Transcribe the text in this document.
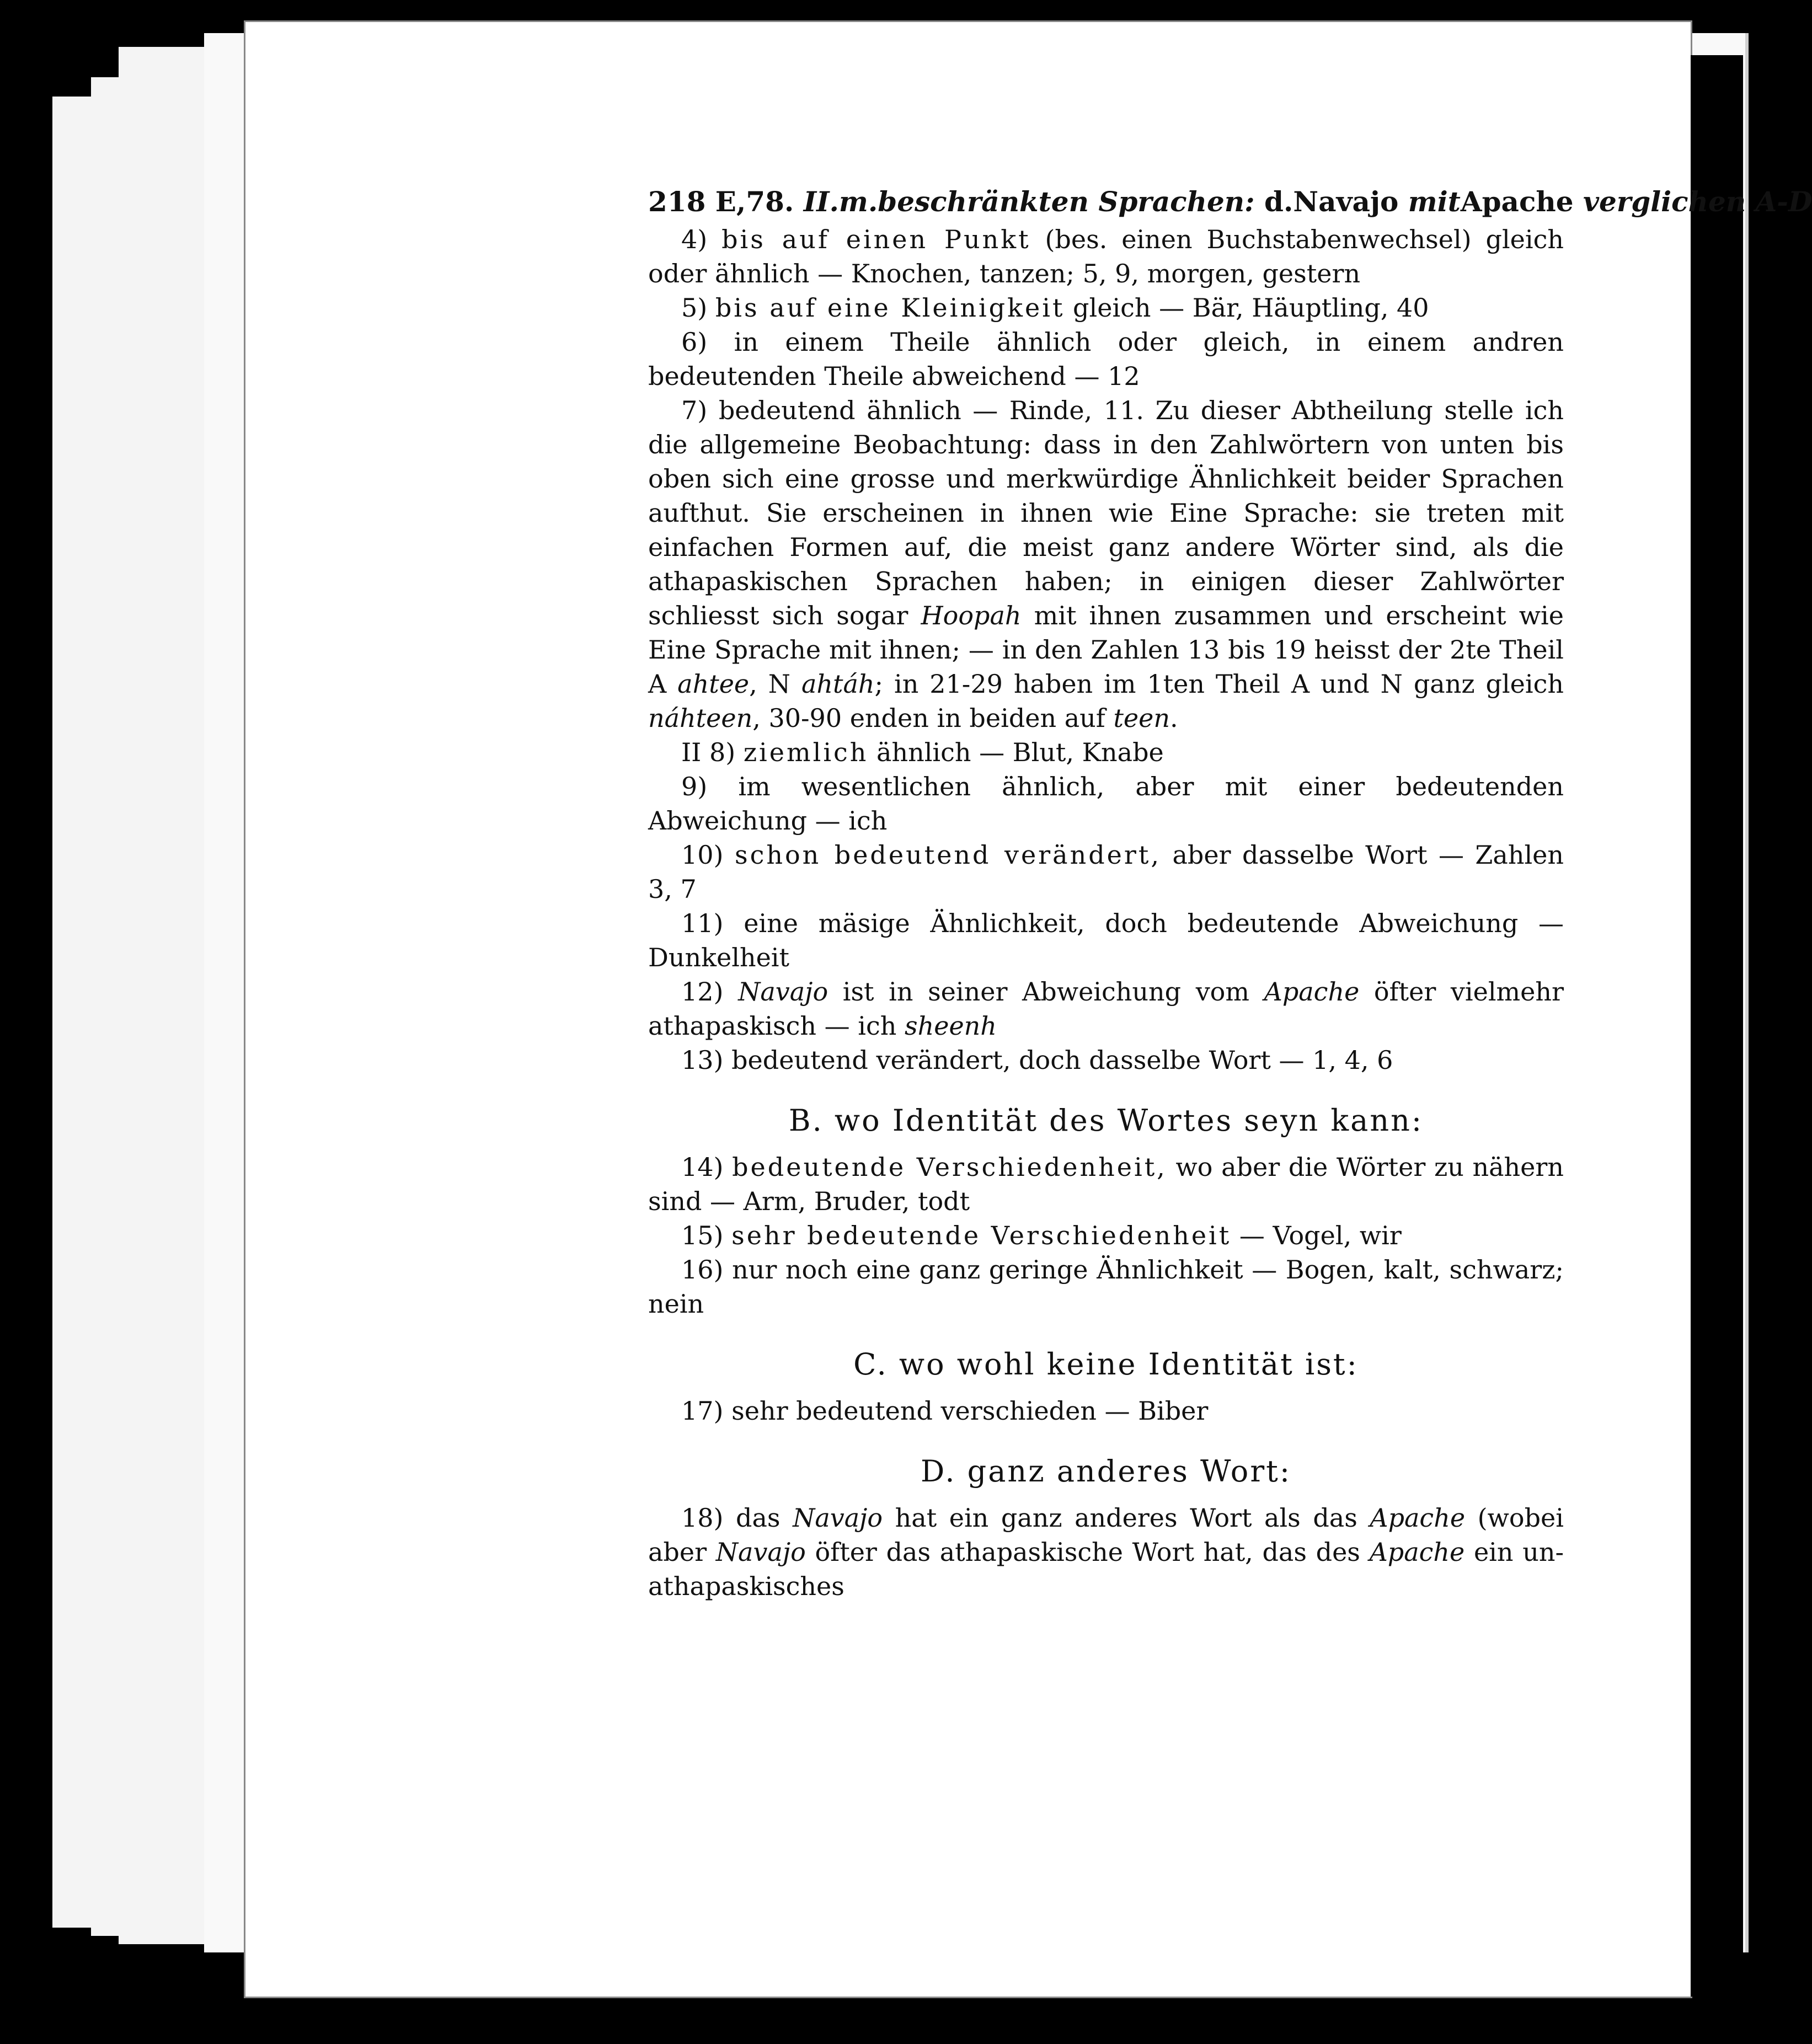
218 E,78. II.m.beschränkten Sprachen: d.Navajo mitApache verglichen A-D

4) bis auf einen Punkt (bes. einen Buchstabenwechsel) gleich oder ähnlich — Knochen, tanzen; 5, 9, morgen, gestern

5) bis auf eine Kleinigkeit gleich — Bär, Häuptling, 40

6) in einem Theile ähnlich oder gleich, in einem andren bedeutenden Theile abweichend — 12

7) bedeutend ähnlich — Rinde, 11. Zu dieser Abtheilung stelle ich die allgemeine Beobachtung: dass in den Zahlwörtern von unten bis oben sich eine grosse und merkwürdige Ähnlichkeit beider Sprachen aufthut. Sie erscheinen in ihnen wie Eine Sprache: sie treten mit einfachen Formen auf, die meist ganz andere Wörter sind, als die athapaskischen Sprachen haben; in einigen dieser Zahlwörter schliesst sich sogar Hoopah mit ihnen zusammen und erscheint wie Eine Sprache mit ihnen; — in den Zahlen 13 bis 19 heisst der 2te Theil A ahtee, N ahtáh; in 21-29 haben im 1ten Theil A und N ganz gleich náhteen, 30-90 enden in beiden auf teen.

II 8) ziemlich ähnlich — Blut, Knabe

9) im wesentlichen ähnlich, aber mit einer bedeutenden Abweichung — ich

10) schon bedeutend verändert, aber dasselbe Wort — Zahlen 3, 7

11) eine mäsige Ähnlichkeit, doch bedeutende Abweichung — Dunkelheit

12) Navajo ist in seiner Abweichung vom Apache öfter vielmehr athapaskisch — ich sheenh

13) bedeutend verändert, doch dasselbe Wort — 1, 4, 6

B. wo Identität des Wortes seyn kann:

14) bedeutende Verschiedenheit, wo aber die Wörter zu nähern sind — Arm, Bruder, todt

15) sehr bedeutende Verschiedenheit — Vogel, wir

16) nur noch eine ganz geringe Ähnlichkeit — Bogen, kalt, schwarz; nein

C. wo wohl keine Identität ist:

17) sehr bedeutend verschieden — Biber

D. ganz anderes Wort:

18) das Navajo hat ein ganz anderes Wort als das Apache (wobei aber Navajo öfter das athapaskische Wort hat, das des Apache ein un-athapaskisches
